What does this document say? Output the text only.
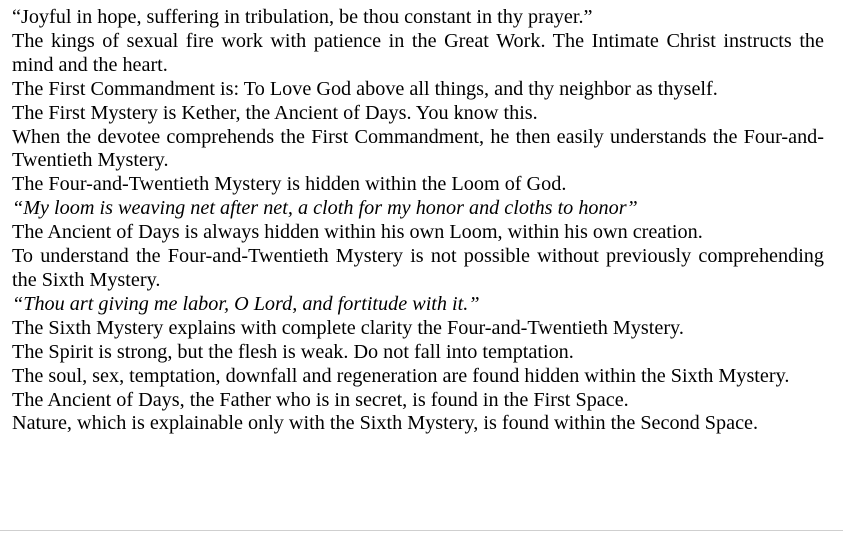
“Joyful in hope, suffering in tribulation, be thou constant in thy prayer.”

The kings of sexual fire work with patience in the Great Work. The Intimate Christ instructs the mind and the heart.

The First Commandment is: To Love God above all things, and thy neighbor as thyself.

The First Mystery is Kether, the Ancient of Days. You know this.

When the devotee comprehends the First Commandment, he then easily understands the Four-and-Twentieth Mystery.

The Four-and-Twentieth Mystery is hidden within the Loom of God.

“My loom is weaving net after net, a cloth for my honor and cloths to honor”

The Ancient of Days is always hidden within his own Loom, within his own creation.

To understand the Four-and-Twentieth Mystery is not possible without previously comprehending the Sixth Mystery.

“Thou art giving me labor, O Lord, and fortitude with it.”

The Sixth Mystery explains with complete clarity the Four-and-Twentieth Mystery.

The Spirit is strong, but the flesh is weak. Do not fall into temptation.

The soul, sex, temptation, downfall and regeneration are found hidden within the Sixth Mystery.

The Ancient of Days, the Father who is in secret, is found in the First Space.

Nature, which is explainable only with the Sixth Mystery, is found within the Second Space.
